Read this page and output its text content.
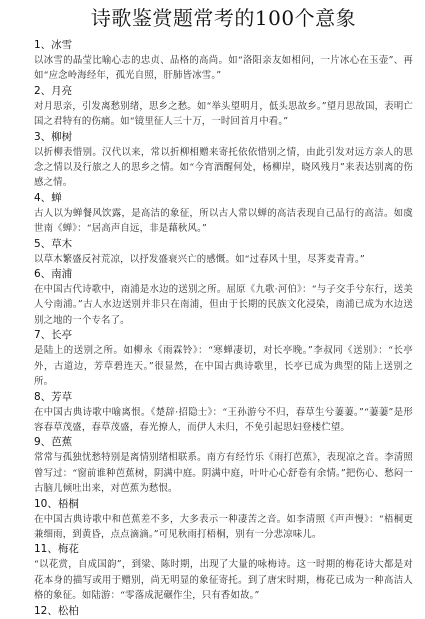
诗歌鉴赏题常考的100个意象
1、冰雪

以冰雪的晶莹比喻心志的忠贞、品格的高尚。如“洛阳亲友如相问，一片冰心在玉壶”、再如“应念岭海经年，孤光自照，肝肺皆冰雪。”

2、月亮

对月思亲，引发离愁别绪，思乡之愁。如“举头望明月，低头思故乡。”望月思故国，表明亡国之君特有的伤痛。如“镜里征人三十万，一时回首月中看。”

3、柳树

以折柳表惜别。汉代以来，常以折柳相赠来寄托依依惜别之情，由此引发对远方亲人的思念之情以及行旅之人的思乡之情。如“今宵酒醒何处，杨柳岸，晓风残月”来表达别离的伤感之情。

4、蝉

古人以为蝉餐风饮露，是高洁的象征，所以古人常以蝉的高洁表现自己品行的高洁。如虞世南《蝉》：“居高声自远，非是藉秋风。”

5、草木

以草木繁盛反衬荒凉，以抒发盛衰兴亡的感慨。如“过春风十里，尽荠麦青青。”

6、南浦

在中国古代诗歌中，南浦是水边的送别之所。屈原《九歌·河伯》：“与子交手兮东行，送美人兮南浦。”古人水边送别并非只在南浦，但由于长期的民族文化浸染，南浦已成为水边送别之地的一个专名了。

7、长亭

是陆上的送别之所。如柳永《雨霖铃》：“寒蝉凄切，对长亭晚。”李叔同《送别》：“长亭外，古道边，芳草碧连天。”很显然，在中国古典诗歌里，长亭已成为典型的陆上送别之所。

8、芳草

在中国古典诗歌中喻离恨。《楚辞·招隐士》：“王孙游兮不归，春草生兮萋萋。”“萋萋”是形容春草茂盛，春草茂盛，春光撩人，而伊人未归，不免引起思妇登楼伫望。

9、芭蕉

常常与孤独忧愁特别是离情别绪相联系。南方有经竹乐《雨打芭蕉》，表现凉之音。李清照曾写过：“窗前谁种芭蕉树，阴满中庭。阴满中庭，叶叶心心舒卷有余情。”把伤心、愁闷一古脑儿倾吐出来，对芭蕉为愁恨。

10、梧桐

在中国古典诗歌中和芭蕉差不多，大多表示一种凄苦之音。如李清照《声声慢》：“梧桐更兼细雨，到黄昏，点点滴滴。”可见秋雨打梧桐，别有一分悲凉味儿。

11、梅花

“以花赏，自成国韵”，到梁、陈时期，出现了大量的咏梅诗。这一时期的梅花诗大都是对花本身的描写或用于赠别，尚无明显的象征寄托。到了唐宋时期，梅花已成为一种高洁人格的象征。如陆游：“零落成泥碾作尘，只有香如故。”

12、松柏
